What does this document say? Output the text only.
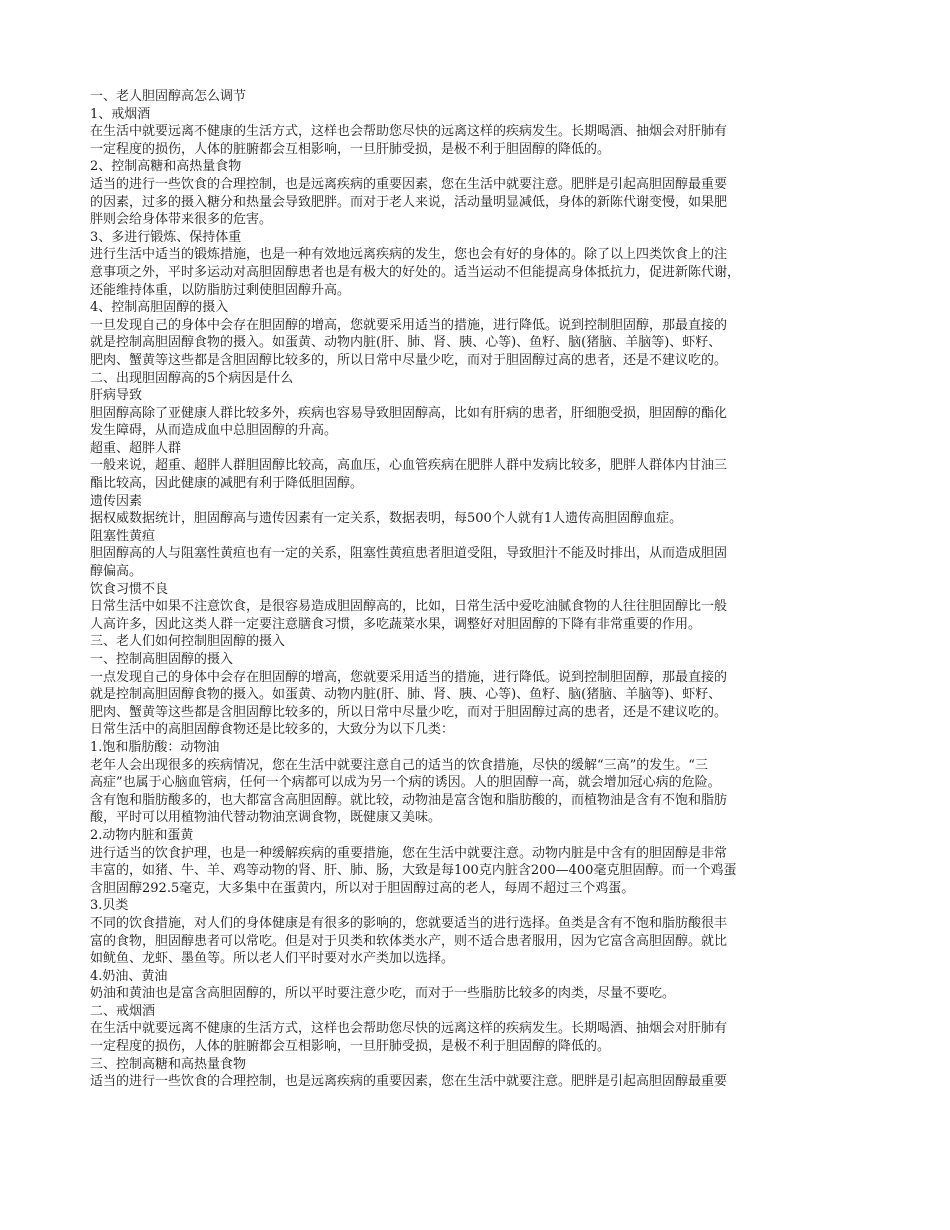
一、老人胆固醇高怎么调节
1、戒烟酒
在生活中就要远离不健康的生活方式，这样也会帮助您尽快的远离这样的疾病发生。长期喝酒、抽烟会对肝肺有
一定程度的损伤，人体的脏腑都会互相影响，一旦肝肺受损，是极不利于胆固醇的降低的。
2、控制高糖和高热量食物
适当的进行一些饮食的合理控制，也是远离疾病的重要因素，您在生活中就要注意。肥胖是引起高胆固醇最重要
的因素，过多的摄入糖分和热量会导致肥胖。而对于老人来说，活动量明显减低，身体的新陈代谢变慢，如果肥
胖则会给身体带来很多的危害。
3、多进行锻炼、保持体重
进行生活中适当的锻炼措施，也是一种有效地远离疾病的发生，您也会有好的身体的。除了以上四类饮食上的注
意事项之外，平时多运动对高胆固醇患者也是有极大的好处的。适当运动不但能提高身体抵抗力，促进新陈代谢，
还能维持体重，以防脂肪过剩使胆固醇升高。
4、控制高胆固醇的摄入
一旦发现自己的身体中会存在胆固醇的增高，您就要采用适当的措施，进行降低。说到控制胆固醇，那最直接的
就是控制高胆固醇食物的摄入。如蛋黄、动物内脏(肝、肺、肾、胰、心等)、鱼籽、脑(猪脑、羊脑等)、虾籽、
肥肉、蟹黄等这些都是含胆固醇比较多的，所以日常中尽量少吃，而对于胆固醇过高的患者，还是不建议吃的。
二、出现胆固醇高的5个病因是什么
肝病导致
胆固醇高除了亚健康人群比较多外，疾病也容易导致胆固醇高，比如有肝病的患者，肝细胞受损，胆固醇的酯化
发生障碍，从而造成血中总胆固醇的升高。
超重、超胖人群
一般来说，超重、超胖人群胆固醇比较高，高血压，心血管疾病在肥胖人群中发病比较多，肥胖人群体内甘油三
酯比较高，因此健康的减肥有利于降低胆固醇。
遗传因素
据权威数据统计，胆固醇高与遗传因素有一定关系，数据表明，每500个人就有1人遗传高胆固醇血症。
阻塞性黄疸
胆固醇高的人与阻塞性黄疸也有一定的关系，阻塞性黄疸患者胆道受阻，导致胆汁不能及时排出，从而造成胆固
醇偏高。
饮食习惯不良
日常生活中如果不注意饮食，是很容易造成胆固醇高的，比如，日常生活中爱吃油腻食物的人往往胆固醇比一般
人高许多，因此这类人群一定要注意膳食习惯，多吃蔬菜水果，调整好对胆固醇的下降有非常重要的作用。
三、老人们如何控制胆固醇的摄入
一、控制高胆固醇的摄入
一点发现自己的身体中会存在胆固醇的增高，您就要采用适当的措施，进行降低。说到控制胆固醇，那最直接的
就是控制高胆固醇食物的摄入。如蛋黄、动物内脏(肝、肺、肾、胰、心等)、鱼籽、脑(猪脑、羊脑等)、虾籽、
肥肉、蟹黄等这些都是含胆固醇比较多的，所以日常中尽量少吃，而对于胆固醇过高的患者，还是不建议吃的。
日常生活中的高胆固醇食物还是比较多的，大致分为以下几类：
1.饱和脂肪酸：动物油
老年人会出现很多的疾病情况，您在生活中就要注意自己的适当的饮食措施，尽快的缓解“三高”的发生。“三
高症”也属于心脑血管病，任何一个病都可以成为另一个病的诱因。人的胆固醇一高，就会增加冠心病的危险。
含有饱和脂肪酸多的，也大都富含高胆固醇。就比较，动物油是富含饱和脂肪酸的，而植物油是含有不饱和脂肪
酸，平时可以用植物油代替动物油烹调食物，既健康又美味。
2.动物内脏和蛋黄
进行适当的饮食护理，也是一种缓解疾病的重要措施，您在生活中就要注意。动物内脏是中含有的胆固醇是非常
丰富的，如猪、牛、羊、鸡等动物的肾、肝、肺、肠，大致是每100克内脏含200—400毫克胆固醇。而一个鸡蛋
含胆固醇292.5毫克，大多集中在蛋黄内，所以对于胆固醇过高的老人，每周不超过三个鸡蛋。
3.贝类
不同的饮食措施，对人们的身体健康是有很多的影响的，您就要适当的进行选择。鱼类是含有不饱和脂肪酸很丰
富的食物，胆固醇患者可以常吃。但是对于贝类和软体类水产，则不适合患者服用，因为它富含高胆固醇。就比
如鱿鱼、龙虾、墨鱼等。所以老人们平时要对水产类加以选择。
4.奶油、黄油
奶油和黄油也是富含高胆固醇的，所以平时要注意少吃，而对于一些脂肪比较多的肉类，尽量不要吃。
二、戒烟酒
在生活中就要远离不健康的生活方式，这样也会帮助您尽快的远离这样的疾病发生。长期喝酒、抽烟会对肝肺有
一定程度的损伤，人体的脏腑都会互相影响，一旦肝肺受损，是极不利于胆固醇的降低的。
三、控制高糖和高热量食物
适当的进行一些饮食的合理控制，也是远离疾病的重要因素，您在生活中就要注意。肥胖是引起高胆固醇最重要
